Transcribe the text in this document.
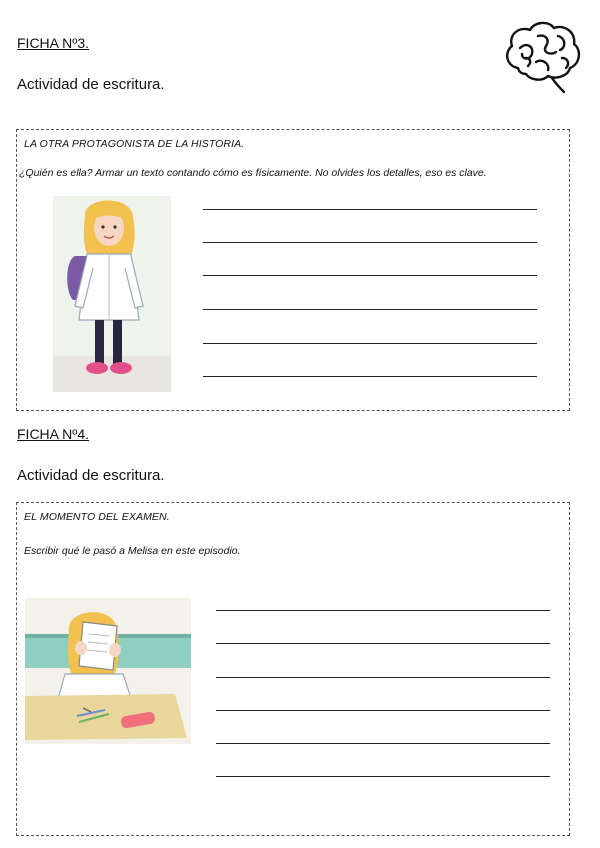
FICHA Nº3.
Actividad de escritura.
LA OTRA PROTAGONISTA DE LA HISTORIA.
¿Quién es ella? Armar un texto contando cómo es físicamente. No olvides los detalles, eso es clave.
FICHA Nº4.
Actividad de escritura.
EL MOMENTO DEL EXAMEN.
Escribir qué le pasó a Melisa en este episodio.
